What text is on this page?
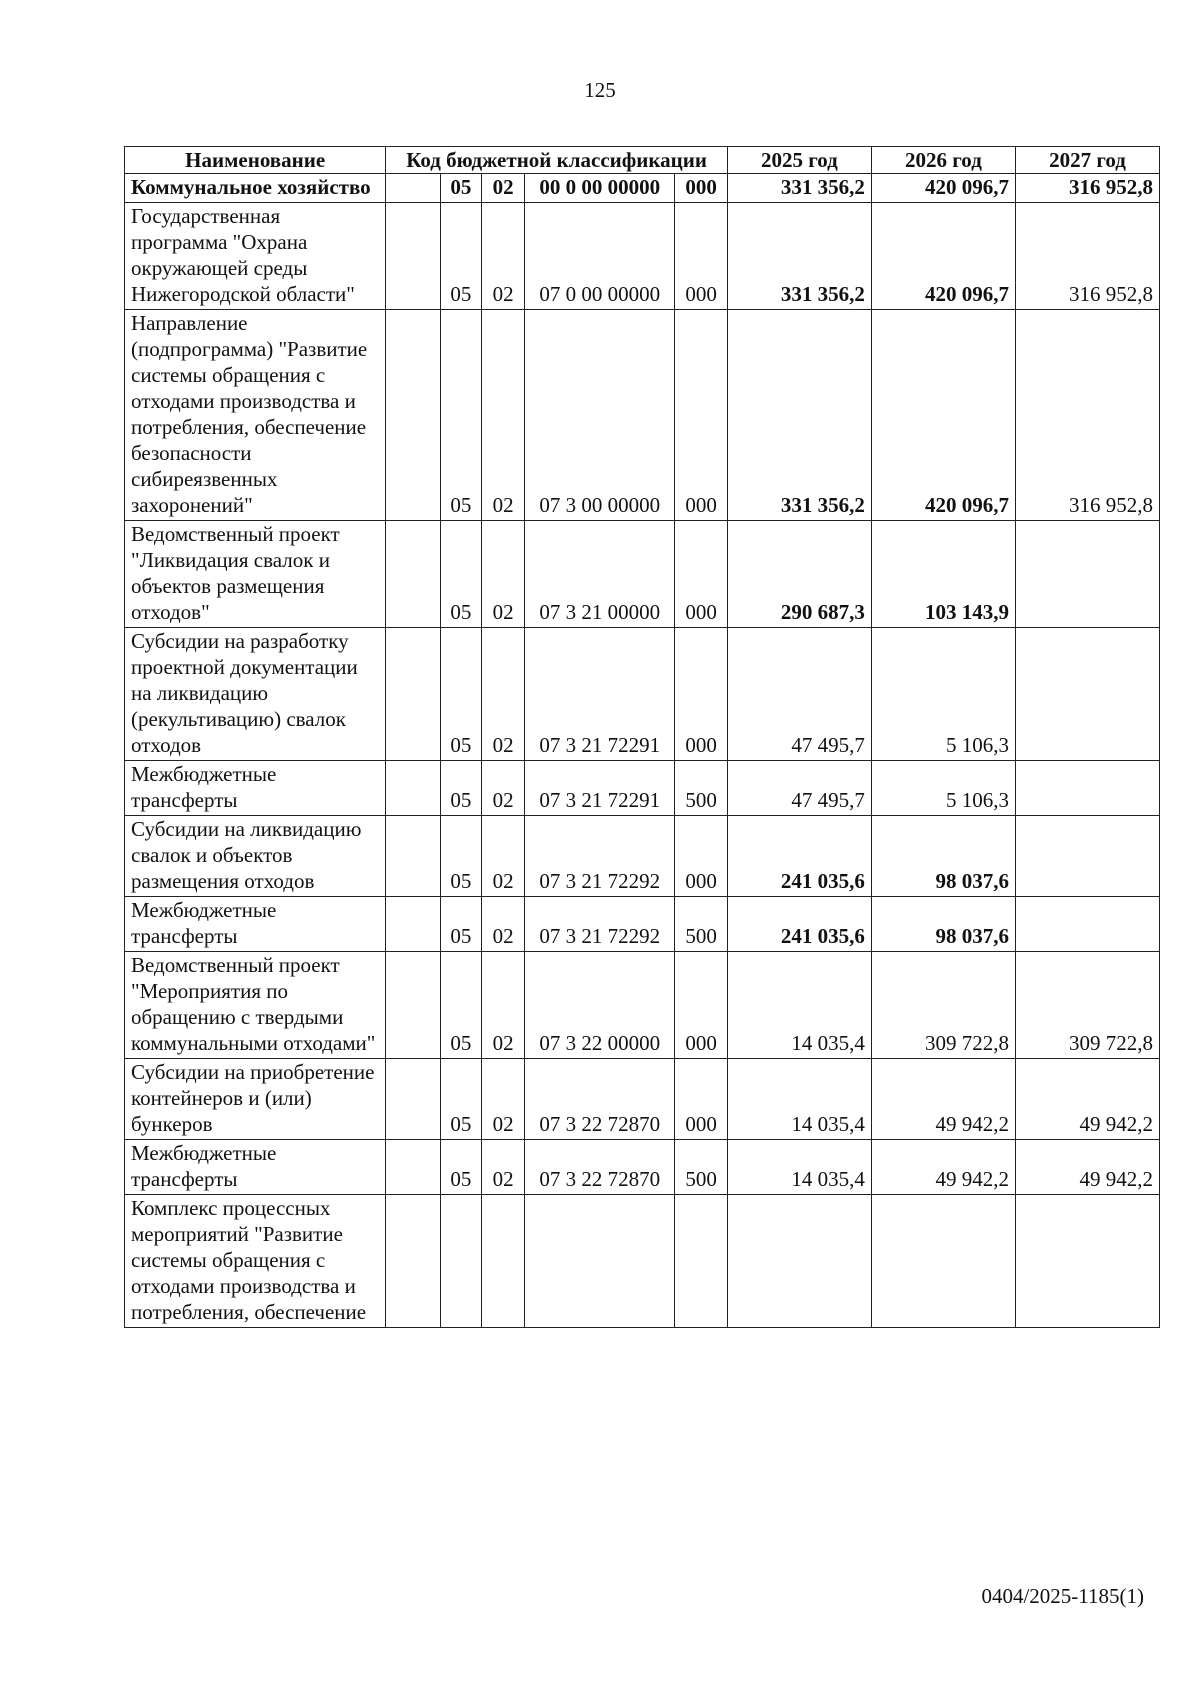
125
Наименование	Код бюджетной классификации					2025 год	2026 год	2027 год
Коммунальное хозяйство		05	02	00 0 00 00000	000	331 356,2	420 096,7	316 952,8
Государственная программа "Охрана окружающей среды Нижегородской области"		05	02	07 0 00 00000	000	331 356,2	420 096,7	316 952,8
Направление (подпрограмма) "Развитие системы обращения с отходами производства и потребления, обеспечение безопасности сибиреязвенных захоронений"		05	02	07 3 00 00000	000	331 356,2	420 096,7	316 952,8
Ведомственный проект "Ликвидация свалок и объектов размещения отходов"		05	02	07 3 21 00000	000	290 687,3	103 143,9	
Субсидии на разработку проектной документации на ликвидацию (рекультивацию) свалок отходов		05	02	07 3 21 72291	000	47 495,7	5 106,3	
Межбюджетные трансферты		05	02	07 3 21 72291	500	47 495,7	5 106,3	
Субсидии на ликвидацию свалок и объектов размещения отходов		05	02	07 3 21 72292	000	241 035,6	98 037,6	
Межбюджетные трансферты		05	02	07 3 21 72292	500	241 035,6	98 037,6	
Ведомственный проект "Мероприятия по обращению с твердыми коммунальными отходами"		05	02	07 3 22 00000	000	14 035,4	309 722,8	309 722,8
Субсидии на приобретение контейнеров и (или) бункеров		05	02	07 3 22 72870	000	14 035,4	49 942,2	49 942,2
Межбюджетные трансферты		05	02	07 3 22 72870	500	14 035,4	49 942,2	49 942,2
Комплекс процессных мероприятий "Развитие системы обращения с отходами производства и потребления, обеспечение								
0404/2025-1185(1)
